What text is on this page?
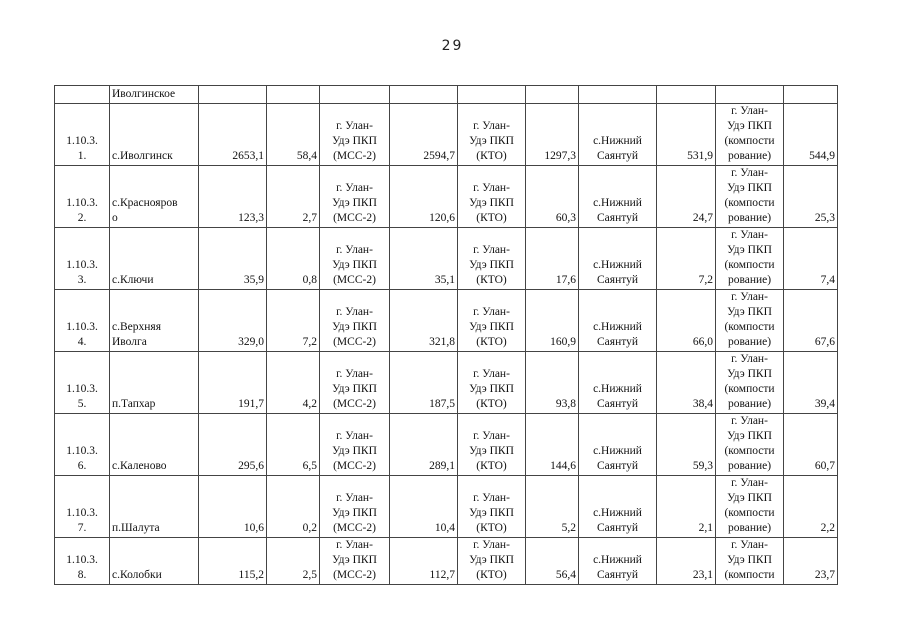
29
	Иволгинское										
1.10.3.
1.	с.Иволгинск	2653,1	58,4	г. Улан-
Удэ ПКП
(МСС-2)	2594,7	г. Улан-
Удэ ПКП
(КТО)	1297,3	с.Нижний
Саянтуй	531,9	г. Улан-
Удэ ПКП
(компости
рование)	544,9
1.10.3.
2.	с.Краснояров
о	123,3	2,7	г. Улан-
Удэ ПКП
(МСС-2)	120,6	г. Улан-
Удэ ПКП
(КТО)	60,3	с.Нижний
Саянтуй	24,7	г. Улан-
Удэ ПКП
(компости
рование)	25,3
1.10.3.
3.	с.Ключи	35,9	0,8	г. Улан-
Удэ ПКП
(МСС-2)	35,1	г. Улан-
Удэ ПКП
(КТО)	17,6	с.Нижний
Саянтуй	7,2	г. Улан-
Удэ ПКП
(компости
рование)	7,4
1.10.3.
4.	с.Верхняя
Иволга	329,0	7,2	г. Улан-
Удэ ПКП
(МСС-2)	321,8	г. Улан-
Удэ ПКП
(КТО)	160,9	с.Нижний
Саянтуй	66,0	г. Улан-
Удэ ПКП
(компости
рование)	67,6
1.10.3.
5.	п.Тапхар	191,7	4,2	г. Улан-
Удэ ПКП
(МСС-2)	187,5	г. Улан-
Удэ ПКП
(КТО)	93,8	с.Нижний
Саянтуй	38,4	г. Улан-
Удэ ПКП
(компости
рование)	39,4
1.10.3.
6.	с.Каленово	295,6	6,5	г. Улан-
Удэ ПКП
(МСС-2)	289,1	г. Улан-
Удэ ПКП
(КТО)	144,6	с.Нижний
Саянтуй	59,3	г. Улан-
Удэ ПКП
(компости
рование)	60,7
1.10.3.
7.	п.Шалута	10,6	0,2	г. Улан-
Удэ ПКП
(МСС-2)	10,4	г. Улан-
Удэ ПКП
(КТО)	5,2	с.Нижний
Саянтуй	2,1	г. Улан-
Удэ ПКП
(компости
рование)	2,2
1.10.3.
8.	с.Колобки	115,2	2,5	г. Улан-
Удэ ПКП
(МСС-2)	112,7	г. Улан-
Удэ ПКП
(КТО)	56,4	с.Нижний
Саянтуй	23,1	г. Улан-
Удэ ПКП
(компости	23,7
